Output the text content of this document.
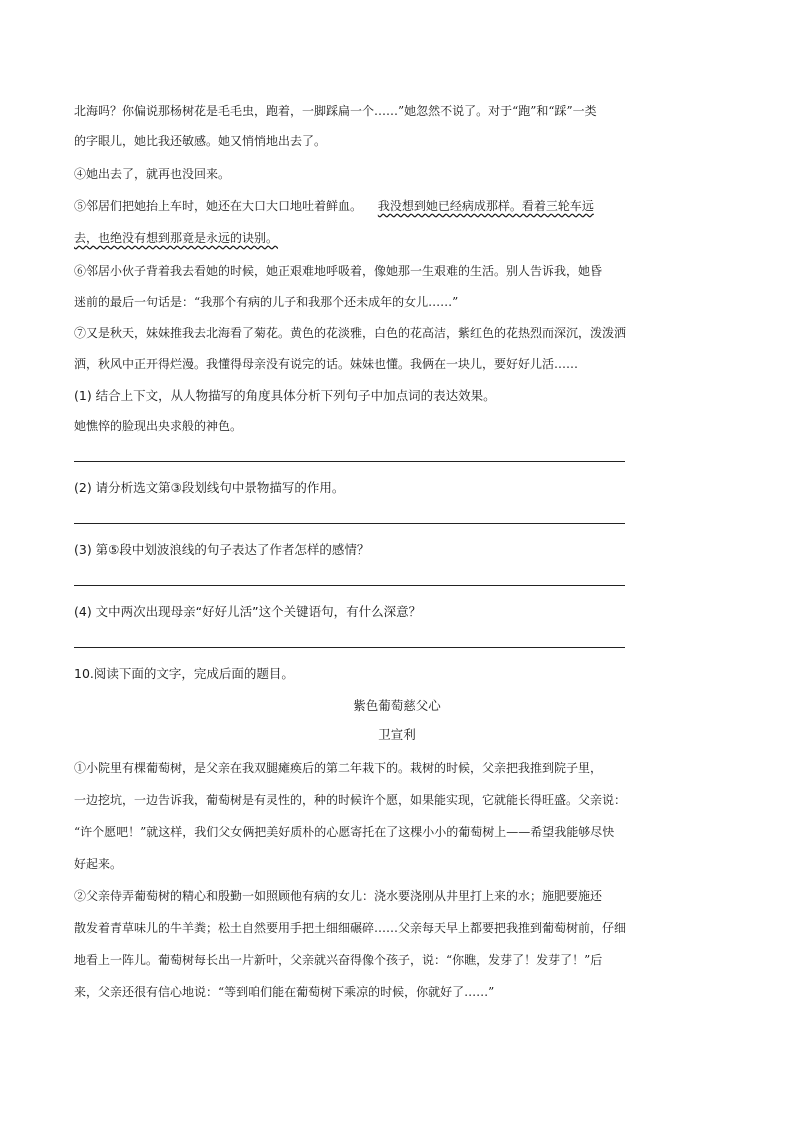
北海吗？你偏说那杨树花是毛毛虫，跑着，一脚踩扁一个……”她忽然不说了。对于“跑”和“踩”一类
的字眼儿，她比我还敏感。她又悄悄地出去了。
④她出去了，就再也没回来。
⑤邻居们把她抬上车时，她还在大口大口地吐着鲜血。 我没想到她已经病成那样。看着三轮车远
去，也绝没有想到那竟是永远的诀别。
⑥邻居小伙子背着我去看她的时候，她正艰难地呼吸着，像她那一生艰难的生活。别人告诉我，她昏
迷前的最后一句话是：“我那个有病的儿子和我那个还未成年的女儿……”
⑦又是秋天，妹妹推我去北海看了菊花。黄色的花淡雅，白色的花高洁，紫红色的花热烈而深沉，泼泼洒
洒，秋风中正开得烂漫。我懂得母亲没有说完的话。妹妹也懂。我俩在一块儿，要好好儿活……
(1) 结合上下文，从人物描写的角度具体分析下列句子中加点词的表达效果。
她憔悴的脸现出央求般的神色。
(2) 请分析选文第③段划线句中景物描写的作用。
(3) 第⑤段中划波浪线的句子表达了作者怎样的感情？
(4) 文中两次出现母亲“好好儿活”这个关键语句，有什么深意？
10.阅读下面的文字，完成后面的题目。
紫色葡萄慈父心
卫宣利
①小院里有棵葡萄树，是父亲在我双腿瘫痪后的第二年栽下的。栽树的时候，父亲把我推到院子里，
一边挖坑，一边告诉我，葡萄树是有灵性的，种的时候许个愿，如果能实现，它就能长得旺盛。父亲说：
“许个愿吧！”就这样，我们父女俩把美好质朴的心愿寄托在了这棵小小的葡萄树上——希望我能够尽快
好起来。
②父亲侍弄葡萄树的精心和殷勤一如照顾他有病的女儿：浇水要浇刚从井里打上来的水；施肥要施还
散发着青草味儿的牛羊粪；松土自然要用手把土细细碾碎……父亲每天早上都要把我推到葡萄树前，仔细
地看上一阵儿。葡萄树每长出一片新叶，父亲就兴奋得像个孩子，说：“你瞧，发芽了！发芽了！”后
来，父亲还很有信心地说：“等到咱们能在葡萄树下乘凉的时候，你就好了……”
